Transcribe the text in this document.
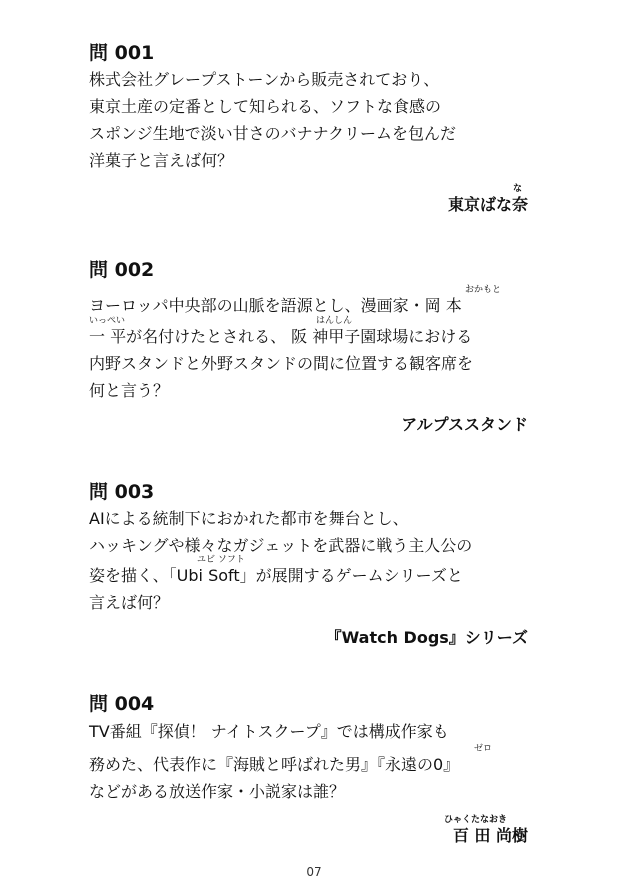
問 001
株式会社グレープストーンから販売されており、
東京土産の定番として知られる、ソフトな食感の
スポンジ生地で淡い甘さのバナナクリームを包んだ
洋菓子と言えば何？
な
東京ばな奈
問 002
おかもと
ヨーロッパ中央部の山脈を語源とし、漫画家・岡 本
いっぺい	はんしん
一 平が名付けたとされる、 阪 神甲子園球場における
内野スタンドと外野スタンドの間に位置する観客席を
何と言う？
アルプススタンド
問 003
AIによる統制下におかれた都市を舞台とし、
ハッキングや様々なガジェットを武器に戦う主人公の
ユビ ソフト
姿を描く、「Ubi Soft」が展開するゲームシリーズと
言えば何？
『Watch Dogs』シリーズ
問 004
TV番組『探偵！ ナイトスクープ』では構成作家も
ゼロ
務めた、代表作に『海賊と呼ばれた男』『永遠の0』
などがある放送作家・小説家は誰？
ひゃくたなおき
百 田 尚樹
07
